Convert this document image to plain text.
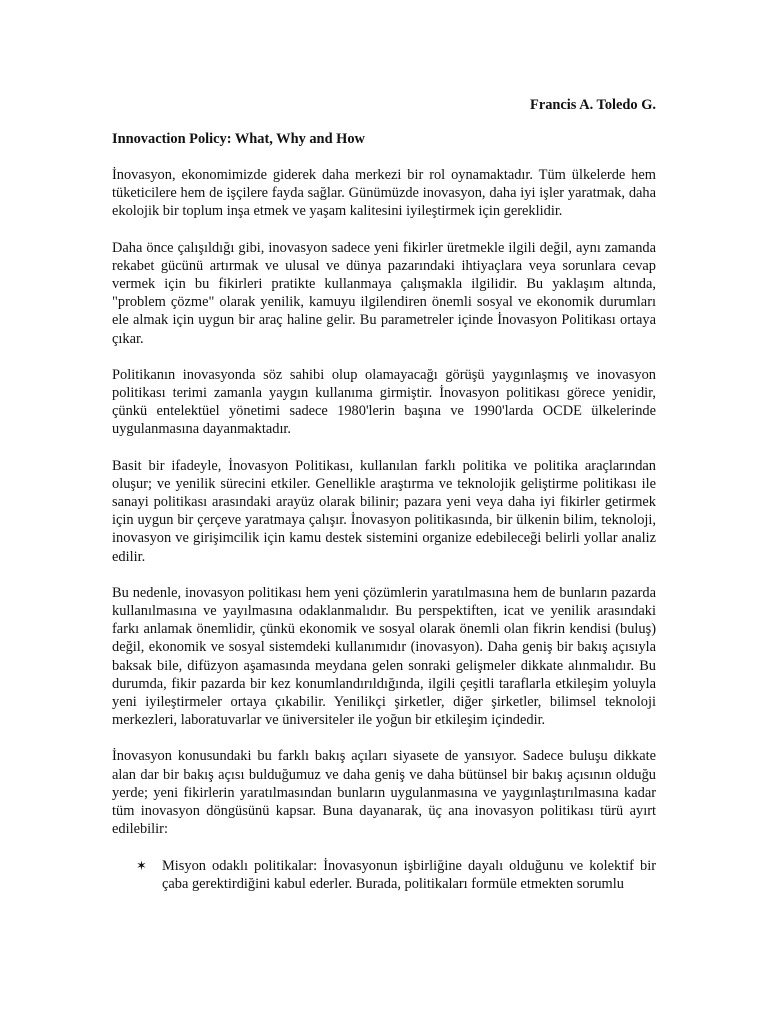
Francis A. Toledo G.

Innovaction Policy: What, Why and How

İnovasyon, ekonomimizde giderek daha merkezi bir rol oynamaktadır. Tüm ülkelerde hem tüketicilere hem de işçilere fayda sağlar. Günümüzde inovasyon, daha iyi işler yaratmak, daha ekolojik bir toplum inşa etmek ve yaşam kalitesini iyileştirmek için gereklidir.

Daha önce çalışıldığı gibi, inovasyon sadece yeni fikirler üretmekle ilgili değil, aynı zamanda rekabet gücünü artırmak ve ulusal ve dünya pazarındaki ihtiyaçlara veya sorunlara cevap vermek için bu fikirleri pratikte kullanmaya çalışmakla ilgilidir. Bu yaklaşım altında, "problem çözme" olarak yenilik, kamuyu ilgilendiren önemli sosyal ve ekonomik durumları ele almak için uygun bir araç haline gelir. Bu parametreler içinde İnovasyon Politikası ortaya çıkar.

Politikanın inovasyonda söz sahibi olup olamayacağı görüşü yaygınlaşmış ve inovasyon politikası terimi zamanla yaygın kullanıma girmiştir. İnovasyon politikası görece yenidir, çünkü entelektüel yönetimi sadece 1980'lerin başına ve 1990'larda OCDE ülkelerinde uygulanmasına dayanmaktadır.

Basit bir ifadeyle, İnovasyon Politikası, kullanılan farklı politika ve politika araçlarından oluşur; ve yenilik sürecini etkiler. Genellikle araştırma ve teknolojik geliştirme politikası ile sanayi politikası arasındaki arayüz olarak bilinir; pazara yeni veya daha iyi fikirler getirmek için uygun bir çerçeve yaratmaya çalışır. İnovasyon politikasında, bir ülkenin bilim, teknoloji, inovasyon ve girişimcilik için kamu destek sistemini organize edebileceği belirli yollar analiz edilir.

Bu nedenle, inovasyon politikası hem yeni çözümlerin yaratılmasına hem de bunların pazarda kullanılmasına ve yayılmasına odaklanmalıdır. Bu perspektiften, icat ve yenilik arasındaki farkı anlamak önemlidir, çünkü ekonomik ve sosyal olarak önemli olan fikrin kendisi (buluş) değil, ekonomik ve sosyal sistemdeki kullanımıdır (inovasyon). Daha geniş bir bakış açısıyla baksak bile, difüzyon aşamasında meydana gelen sonraki gelişmeler dikkate alınmalıdır. Bu durumda, fikir pazarda bir kez konumlandırıldığında, ilgili çeşitli taraflarla etkileşim yoluyla yeni iyileştirmeler ortaya çıkabilir. Yenilikçi şirketler, diğer şirketler, bilimsel teknoloji merkezleri, laboratuvarlar ve üniversiteler ile yoğun bir etkileşim içindedir.

İnovasyon konusundaki bu farklı bakış açıları siyasete de yansıyor. Sadece buluşu dikkate alan dar bir bakış açısı bulduğumuz ve daha geniş ve daha bütünsel bir bakış açısının olduğu yerde; yeni fikirlerin yaratılmasından bunların uygulanmasına ve yaygınlaştırılmasına kadar tüm inovasyon döngüsünü kapsar. Buna dayanarak, üç ana inovasyon politikası türü ayırt edilebilir:

✶ Misyon odaklı politikalar: İnovasyonun işbirliğine dayalı olduğunu ve kolektif bir çaba gerektirdiğini kabul ederler. Burada, politikaları formüle etmekten sorumlu
